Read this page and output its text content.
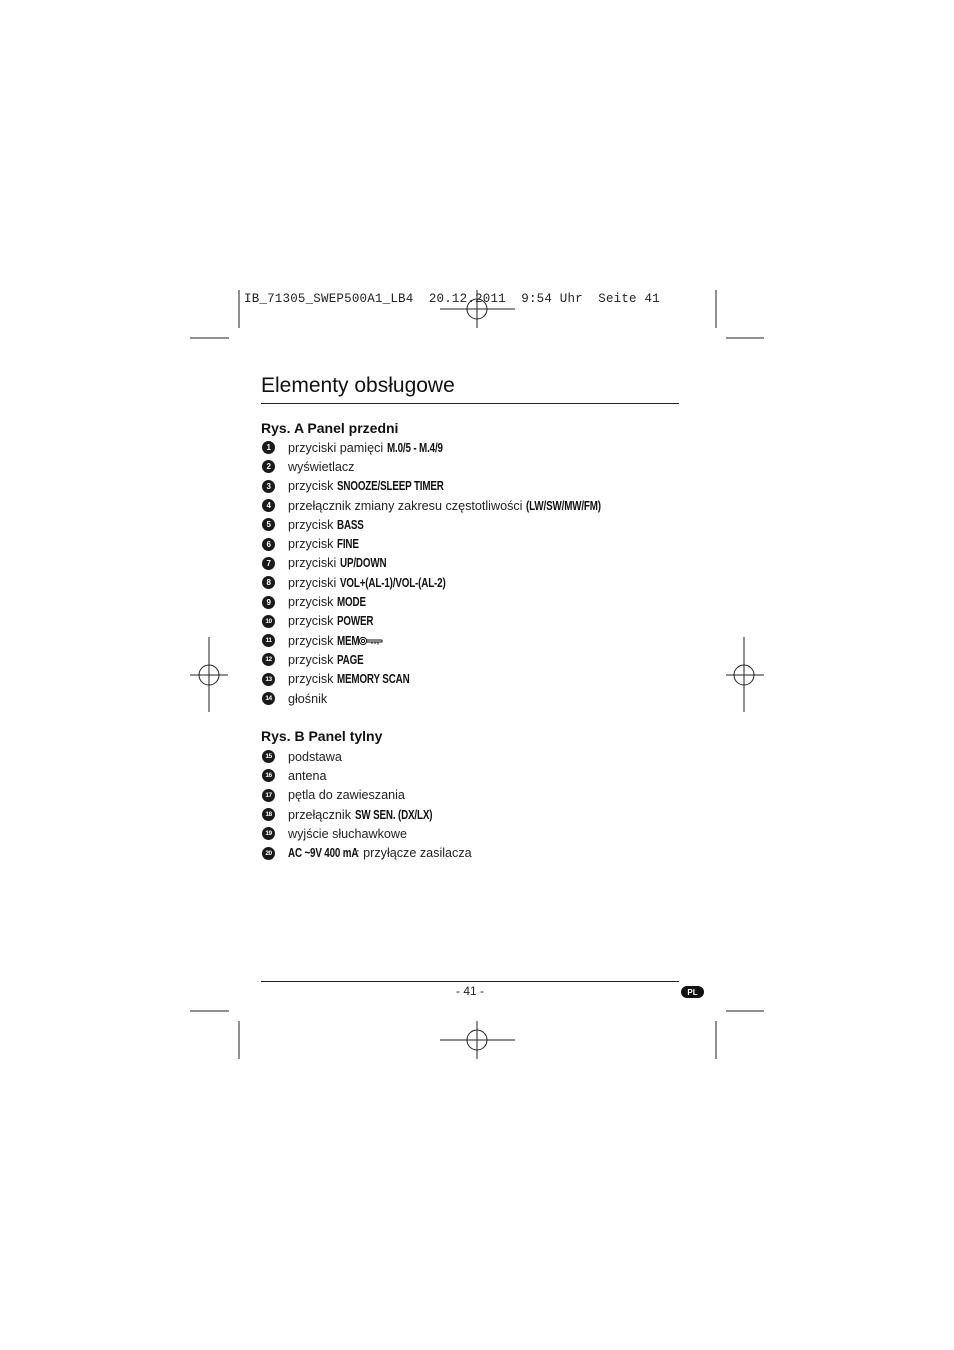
IB_71305_SWEP500A1_LB4  20.12.2011  9:54 Uhr  Seite 41
Elementy obsługowe
Rys. A Panel przedni
1	przyciski pamięci M.0/5 - M.4/9
2	wyświetlacz
3	przycisk SNOOZE/SLEEP TIMER
4	przełącznik zmiany zakresu częstotliwości (LW/SW/MW/FM)
5	przycisk BASS
6	przycisk FINE
7	przyciski UP/DOWN
8	przyciski VOL+(AL-1)/VOL-(AL-2)
9	przycisk MODE
10 przycisk POWER
11 przycisk MEM
12 przycisk PAGE
13 przycisk MEMORY SCAN
14 głośnik
Rys. B Panel tylny
15 podstawa
16 antena
17 pętla do zawieszania
18 przełącznik SW SEN. (DX/LX)
19 wyjście słuchawkowe
20 AC ~9V 400 mA: przyłącze zasilacza
- 41 -	PL
